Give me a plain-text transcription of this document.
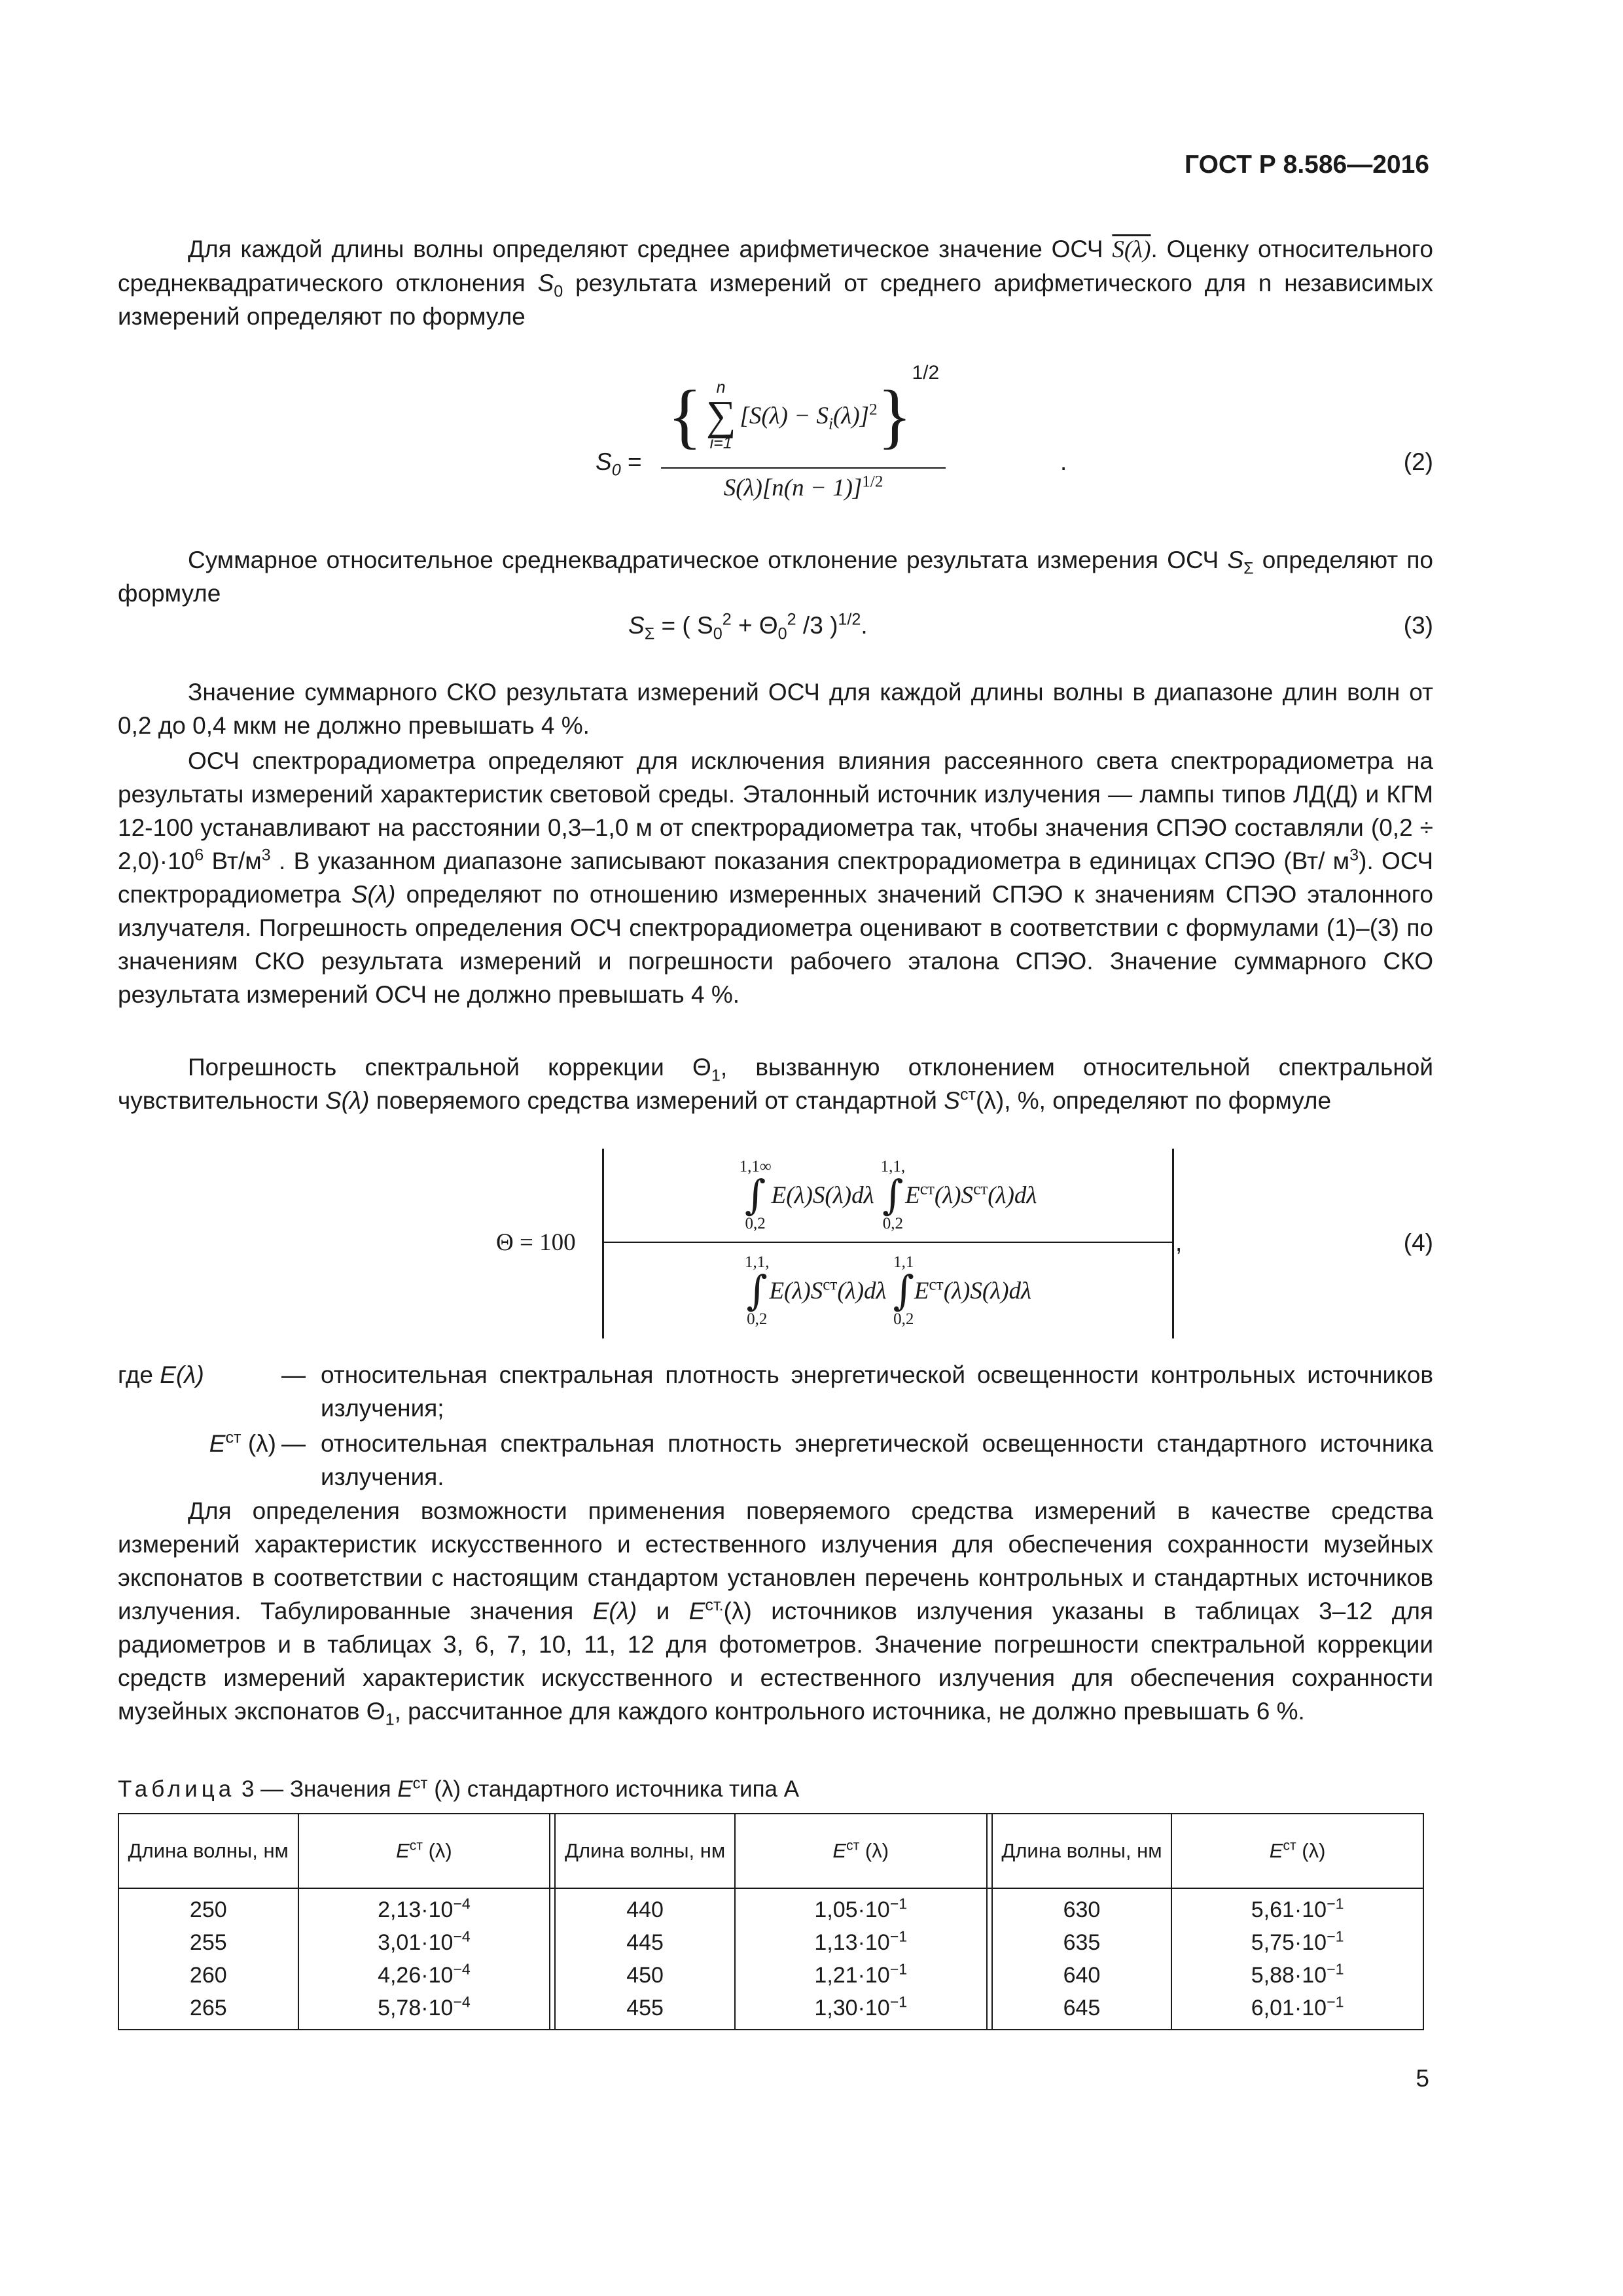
ГОСТ Р 8.586—2016

Для каждой длины волны определяют среднее арифметическое значение ОСЧ S(λ). Оценку относительного среднеквадратического отклонения $S_0$ результата измерений от среднего арифметического для n независимых измерений определяют по формуле

$S_0$ =
{ n
∑
i=1
$[S(\lambda) - S_i(\lambda)]^2$ }
1/2
$S(\lambda)[n(n - 1)]^{1/2}$
.	(2)

Суммарное относительное среднеквадратическое отклонение результата измерения ОСЧ $S_\Sigma$ определяют по формуле

$S_\Sigma$ = ( $S_0^2 + \Theta_0^2$ /3 )$^{1/2}$.	(3)

Значение суммарного СКО результата измерений ОСЧ для каждой длины волны в диапазоне длин волн от 0,2 до 0,4 мкм не должно превышать 4 %.

ОСЧ спектрорадиометра определяют для исключения влияния рассеянного света спектрорадиометра на результаты измерений характеристик световой среды. Эталонный источник излучения — лампы типов ЛД(Д) и КГМ 12-100 устанавливают на расстоянии 0,3–1,0 м от спектрорадиометра так, чтобы значения СПЭО составляли $(0,2 \div 2,0)\cdot 10^6$ $Вт/м^3$ . В указанном диапазоне записывают показания спектрорадиометра в единицах СПЭО (Вт/ $м^3$). ОСЧ спектрорадиометра S(λ) определяют по отношению измеренных значений СПЭО к значениям СПЭО эталонного излучателя. Погрешность определения ОСЧ спектрорадиометра оценивают в соответствии с формулами (1)–(3) по значениям СКО результата измерений и погрешности рабочего эталона СПЭО. Значение суммарного СКО результата измерений ОСЧ не должно превышать 4 %.

Погрешность спектральной коррекции $\Theta_1$, вызванную отклонением относительной спектральной чувствительности S(λ) поверяемого средства измерений от стандартной $S^{ст}(\lambda)$, %, определяют по формуле

Θ = 100
1,1∞
∫
0,2
E(λ)S(λ)dλ
1,1,
∫
0,2
$E^{ст}(\lambda)S^{ст}(\lambda)d\lambda$
1,1,
∫
0,2
$E(\lambda)S^{ст}(\lambda)d\lambda$
1,1
∫
0,2
$E^{ст}(\lambda)S(\lambda)d\lambda$
,	(4)
где E(λ)	— относительная спектральная плотность энергетической освещенности контрольных источников излучения;
$E^{ст}$ (λ) — относительная спектральная плотность энергетической освещенности стандартного источника излучения.

Для определения возможности применения поверяемого средства измерений в качестве средства измерений характеристик искусственного и естественного излучения для обеспечения сохранности музейных экспонатов в соответствии с настоящим стандартом установлен перечень контрольных и стандартных источников излучения. Табулированные значения E(λ) и $E^{ст.}(\lambda)$ источников излучения указаны в таблицах 3–12 для радиометров и в таблицах 3, 6, 7, 10, 11, 12 для фотометров. Значение погрешности спектральной коррекции средств измерений характеристик искусственного и естественного излучения для обеспечения сохранности музейных экспонатов $\Theta_1$, рассчитанное для каждого контрольного источника, не должно превышать 6 %.

Таблица 3 — Значения $E^{ст}$ (λ) стандартного источника типа А
Длина волны, нм	$E^{ст}$ (λ)		Длина волны, нм	$E^{ст}$ (λ)		Длина волны, нм	$E^{ст}$ (λ)
250	$2,13\cdot 10^{-4}$		440	$1,05\cdot 10^{-1}$		630	$5,61\cdot 10^{-1}$
255	$3,01\cdot 10^{-4}$		445	$1,13\cdot 10^{-1}$		635	$5,75\cdot 10^{-1}$
260	$4,26\cdot 10^{-4}$		450	$1,21\cdot 10^{-1}$		640	$5,88\cdot 10^{-1}$
265	$5,78\cdot 10^{-4}$		455	$1,30\cdot 10^{-1}$		645	$6,01\cdot 10^{-1}$
5
